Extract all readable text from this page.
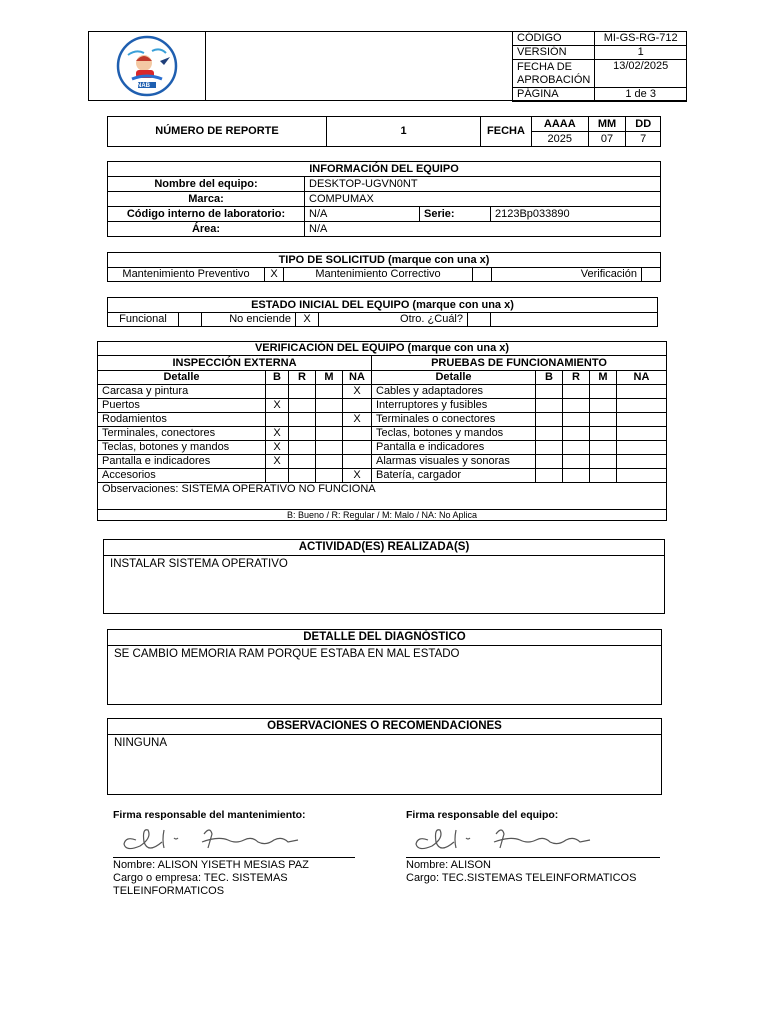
NAB
CÓDIGO	MI-GS-RG-712
VERSIÓN	1
FECHA DE APROBACIÓN	13/02/2025
PÁGINA	1 de 3
NÚMERO DE REPORTE	1	FECHA	AAAA	MM	DD
			2025	07	7
INFORMACIÓN DEL EQUIPO			
Nombre del equipo:	DESKTOP-UGVN0NT		
Marca:	COMPUMAX		
Código interno de laboratorio:	N/A	Serie:	2123Bp033890
Área:	N/A		
TIPO DE SOLICITUD (marque con una x)
Mantenimiento Preventivo	X	Mantenimiento Correctivo		Verificación	
ESTADO INICIAL DEL EQUIPO (marque con una x)
Funcional		No enciende	X	Otro. ¿Cuál?		
VERIFICACIÓN DEL EQUIPO (marque con una x)									
INSPECCIÓN EXTERNA					PRUEBAS DE FUNCIONAMIENTO				
Detalle	B	R	M	NA	Detalle	B	R	M	NA
Carcasa y pintura				X	Cables y adaptadores				
Puertos	X				Interruptores y fusibles				
Rodamientos				X	Terminales o conectores				
Terminales, conectores	X				Teclas, botones y mandos				
Teclas, botones y mandos	X				Pantalla e indicadores				
Pantalla e indicadores	X				Alarmas visuales y sonoras				
Accesorios				X	Batería, cargador				
Observaciones: SISTEMA OPERATIVO NO FUNCIONA									
B: Bueno / R: Regular / M: Malo / NA: No Aplica									
ACTIVIDAD(ES) REALIZADA(S)
INSTALAR SISTEMA OPERATIVO
DETALLE DEL DIAGNÓSTICO
SE CAMBIO MEMORIA RAM PORQUE ESTABA EN MAL ESTADO
OBSERVACIONES O RECOMENDACIONES
NINGUNA
Firma responsable del mantenimiento:
Nombre: ALISON YISETH MESIAS PAZ
Cargo o empresa: TEC. SISTEMAS TELEINFORMATICOS
Firma responsable del equipo:
Nombre: ALISON
Cargo: TEC.SISTEMAS TELEINFORMATICOS
